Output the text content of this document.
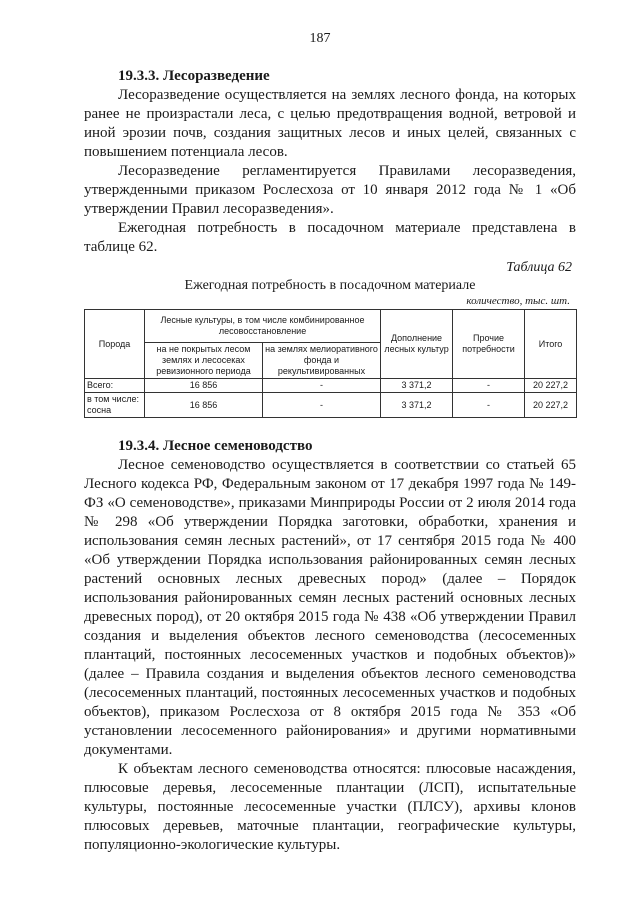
187
19.3.3. Лесоразведение

Лесоразведение осуществляется на землях лесного фонда, на которых ранее не произрастали леса, с целью предотвращения водной, ветровой и иной эрозии почв, создания защитных лесов и иных целей, связанных с повышением потенциала лесов.

Лесоразведение регламентируется Правилами лесоразведения, утвержденными приказом Рослесхоза от 10 января 2012 года № 1 «Об утверждении Правил лесоразведения».

Ежегодная потребность в посадочном материале представлена в таблице 62.

Таблица 62
Ежегодная потребность в посадочном материале
количество, тыс. шт.
Порода	Лесные культуры, в том числе комбинированное лесовосстановление		Дополнение лесных культур	Прочие потребности	Итого
	на не покрытых лесом землях и лесосеках ревизионного периода	на землях мелиоративного фонда и рекультивированных			
Всего:	16 856	-	3 371,2	-	20 227,2
в том числе: сосна	16 856	-	3 371,2	-	20 227,2
19.3.4. Лесное семеноводство

Лесное семеноводство осуществляется в соответствии со статьей 65 Лесного кодекса РФ, Федеральным законом от 17 декабря 1997 года № 149-ФЗ «О семеноводстве», приказами Минприроды России от 2 июля 2014 года № 298 «Об утверждении Порядка заготовки, обработки, хранения и использования семян лесных растений», от 17 сентября 2015 года № 400 «Об утверждении Порядка использования районированных семян лесных растений основных лесных древесных пород» (далее – Порядок использования районированных семян лесных растений основных лесных древесных пород), от 20 октября 2015 года № 438 «Об утверждении Правил создания и выделения объектов лесного семеноводства (лесосеменных плантаций, постоянных лесосеменных участков и подобных объектов)» (далее – Правила создания и выделения объектов лесного семеноводства (лесосеменных плантаций, постоянных лесосеменных участков и подобных объектов), приказом Рослесхоза от 8 октября 2015 года № 353 «Об установлении лесосеменного районирования» и другими нормативными документами.

К объектам лесного семеноводства относятся: плюсовые насаждения, плюсовые деревья, лесосеменные плантации (ЛСП), испытательные культуры, постоянные лесосеменные участки (ПЛСУ), архивы клонов плюсовых деревьев, маточные плантации, географические культуры, популяционно-экологические культуры.
